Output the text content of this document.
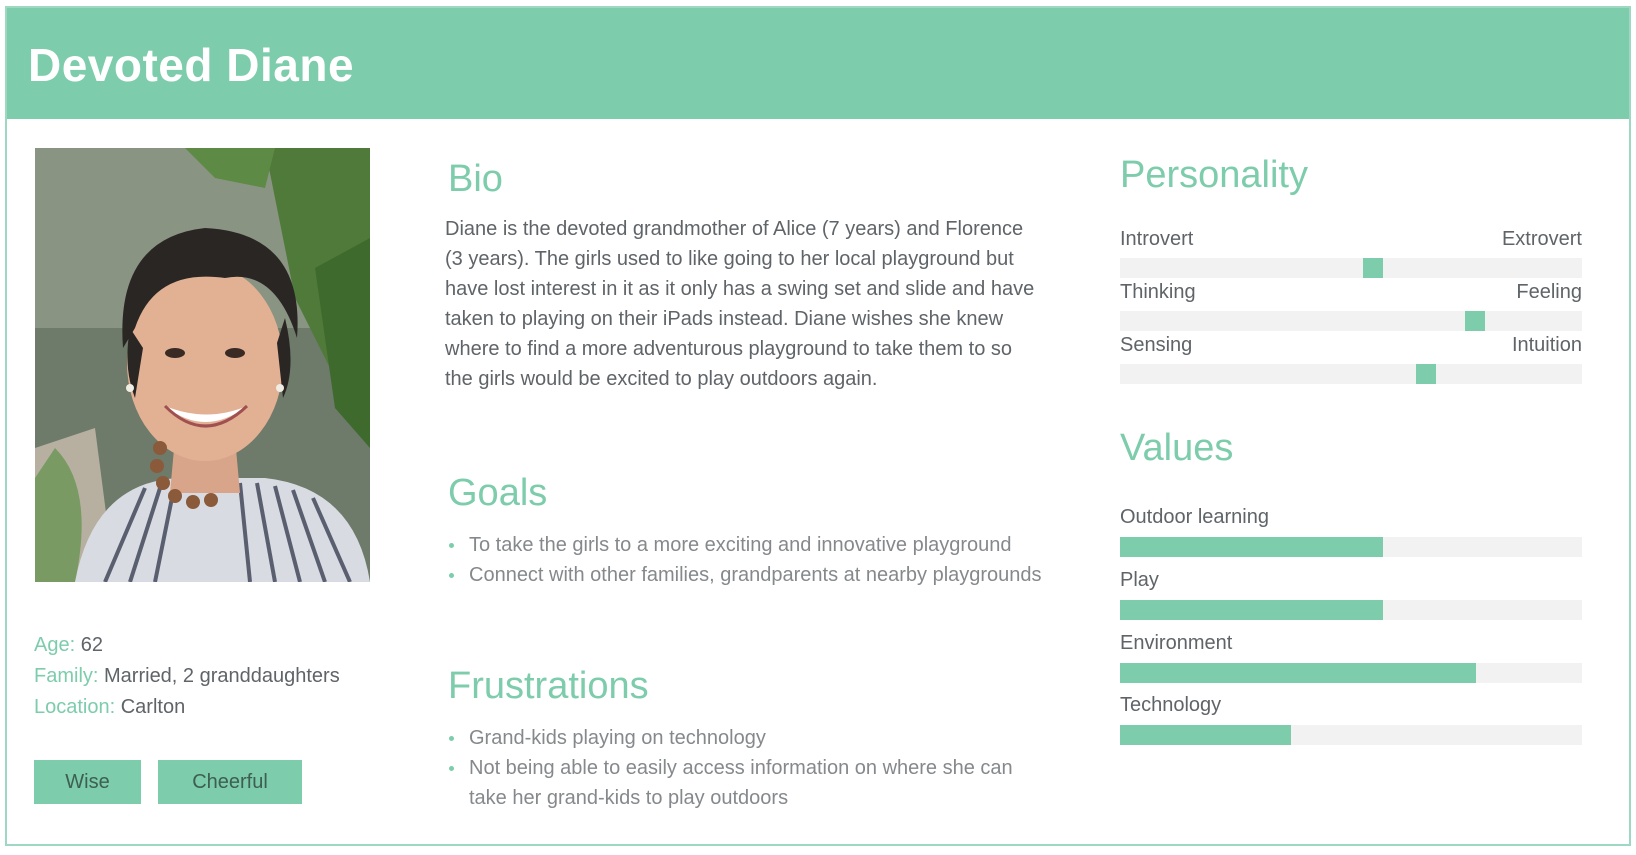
Devoted Diane
Age: 62
Family: Married, 2 granddaughters
Location: Carlton
Wise	Cheerful
Bio
Diane is the devoted grandmother of Alice (7 years) and Florence (3 years). The girls used to like going to her local playground but have lost interest in it as it only has a swing set and slide and have taken to playing on their iPads instead. Diane wishes she knew where to find a more adventurous playground to take them to so the girls would be excited to play outdoors again.
Goals
To take the girls to a more exciting and innovative playground
Connect with other families, grandparents at nearby playgrounds
Frustrations
Grand-kids playing on technology
Not being able to easily access information on where she can take her grand-kids to play outdoors
Personality
Introvert	Extrovert
Thinking	Feeling
Sensing	Intuition
Values
Outdoor learning
Play
Environment
Technology
